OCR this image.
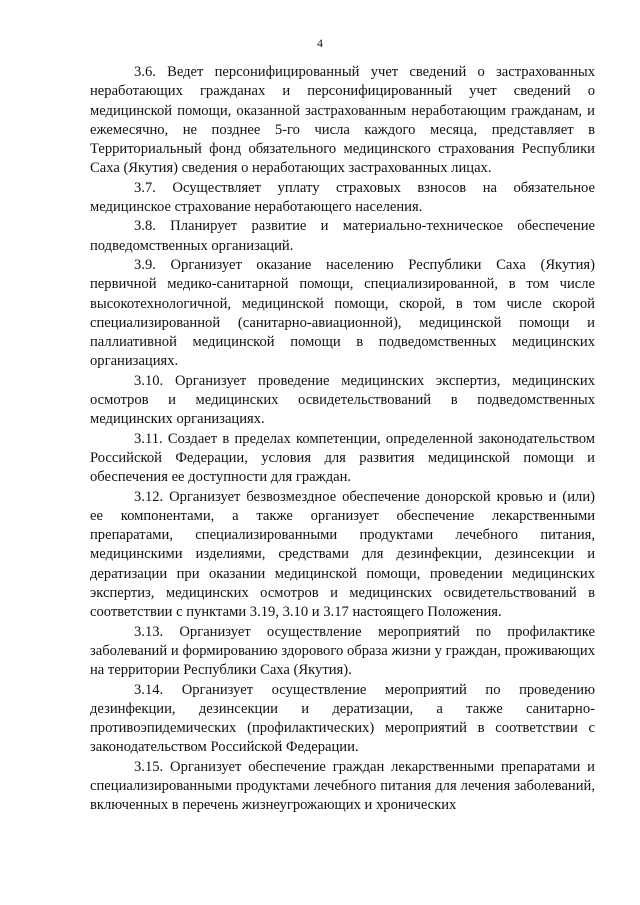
4

3.6. Ведет персонифицированный учет сведений о застрахованных неработающих гражданах и персонифицированный учет сведений о медицинской помощи, оказанной застрахованным неработающим гражданам, и ежемесячно, не позднее 5-го числа каждого месяца, представляет в Территориальный фонд обязательного медицинского страхования Республики Саха (Якутия) сведения о неработающих застрахованных лицах.

3.7. Осуществляет уплату страховых взносов на обязательное медицинское страхование неработающего населения.

3.8. Планирует развитие и материально-техническое обеспечение подведомственных организаций.

3.9. Организует оказание населению Республики Саха (Якутия) первичной медико-санитарной помощи, специализированной, в том числе высокотехнологичной, медицинской помощи, скорой, в том числе скорой специализированной (санитарно-авиационной), медицинской помощи и паллиативной медицинской помощи в подведомственных медицинских организациях.

3.10. Организует проведение медицинских экспертиз, медицинских осмотров и медицинских освидетельствований в подведомственных медицинских организациях.

3.11. Создает в пределах компетенции, определенной законодательством Российской Федерации, условия для развития медицинской помощи и обеспечения ее доступности для граждан.

3.12. Организует безвозмездное обеспечение донорской кровью и (или) ее компонентами, а также организует обеспечение лекарственными препаратами, специализированными продуктами лечебного питания, медицинскими изделиями, средствами для дезинфекции, дезинсекции и дератизации при оказании медицинской помощи, проведении медицинских экспертиз, медицинских осмотров и медицинских освидетельствований в соответствии с пунктами 3.19, 3.10 и 3.17 настоящего Положения.

3.13. Организует осуществление мероприятий по профилактике заболеваний и формированию здорового образа жизни у граждан, проживающих на территории Республики Саха (Якутия).

3.14. Организует осуществление мероприятий по проведению дезинфекции, дезинсекции и дератизации, а также санитарно-противоэпидемических (профилактических) мероприятий в соответствии с законодательством Российской Федерации.

3.15. Организует обеспечение граждан лекарственными препаратами и специализированными продуктами лечебного питания для лечения заболеваний, включенных в перечень жизнеугрожающих и хронических
